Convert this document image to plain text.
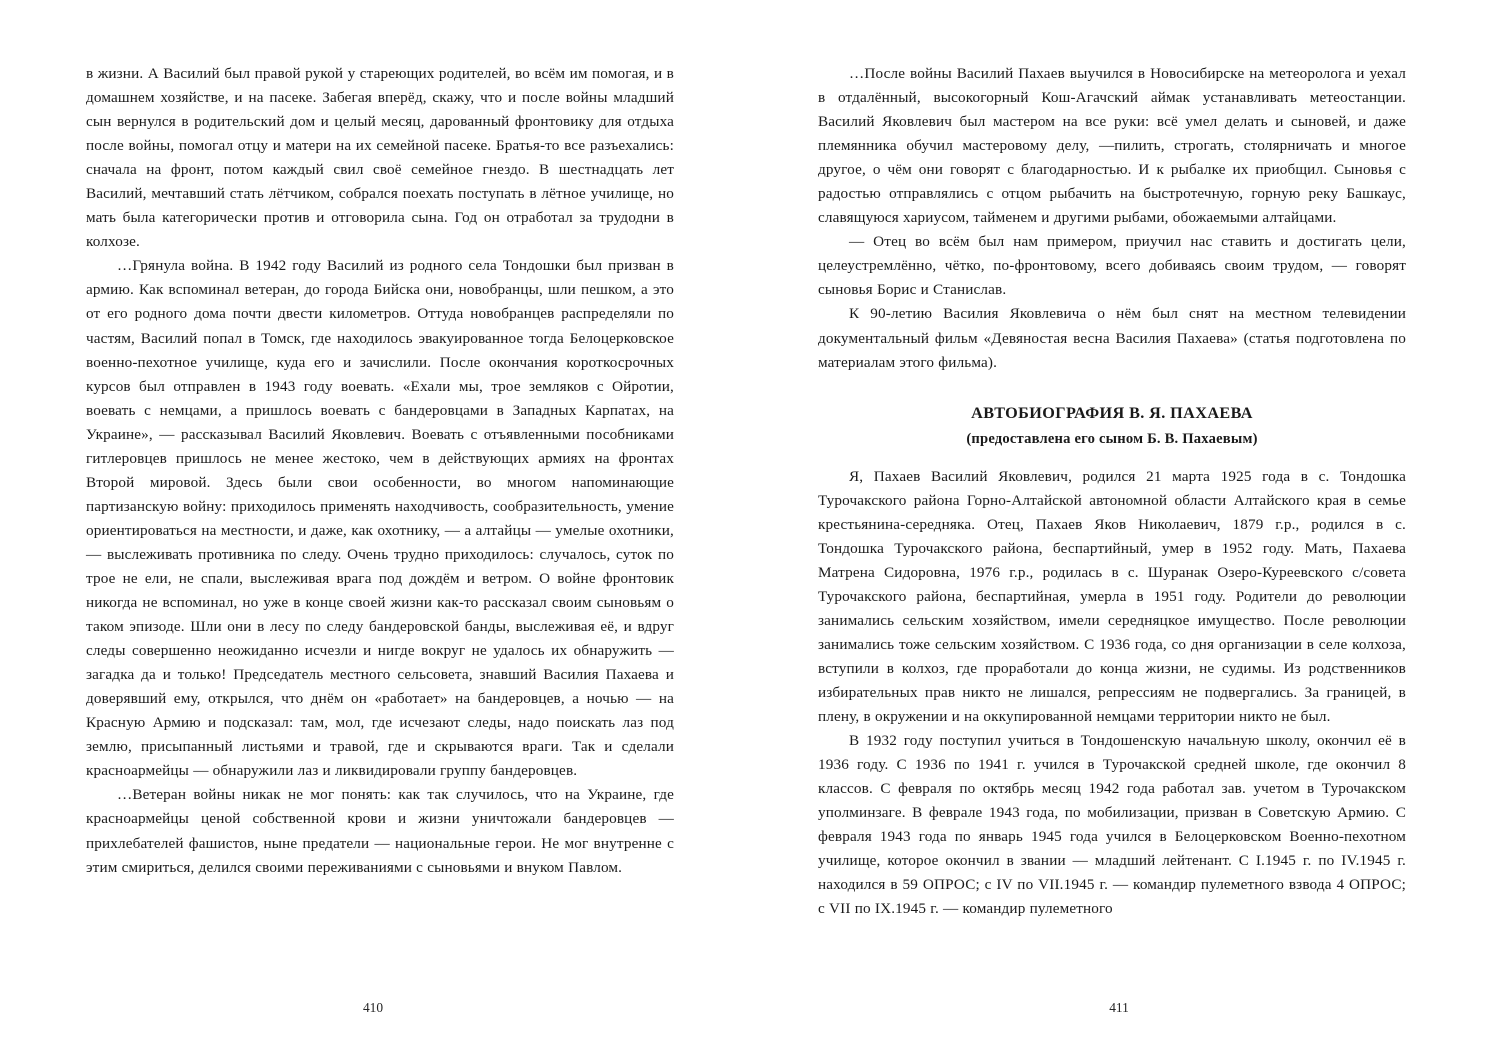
в жизни. А Василий был правой рукой у стареющих родителей, во всём им помогая, и в домашнем хозяйстве, и на пасеке. Забегая вперёд, скажу, что и после войны младший сын вернулся в родительский дом и целый месяц, дарованный фронтовику для отдыха после войны, помогал отцу и матери на их семейной пасеке. Братья-то все разъехались: сначала на фронт, потом каждый свил своё семейное гнездо. В шестнадцать лет Василий, мечтавший стать лётчиком, собрался поехать поступать в лётное училище, но мать была категорически против и отговорила сына. Год он отработал за трудодни в колхозе.

…Грянула война. В 1942 году Василий из родного села Тондошки был призван в армию. Как вспоминал ветеран, до города Бийска они, новобранцы, шли пешком, а это от его родного дома почти двести километров. Оттуда новобранцев распределяли по частям, Василий попал в Томск, где находилось эвакуированное тогда Белоцерковское военно-пехотное училище, куда его и зачислили. После окончания короткосрочных курсов был отправлен в 1943 году воевать. «Ехали мы, трое земляков с Ойротии, воевать с немцами, а пришлось воевать с бандеровцами в Западных Карпатах, на Украине», — рассказывал Василий Яковлевич. Воевать с отъявленными пособниками гитлеровцев пришлось не менее жестоко, чем в действующих армиях на фронтах Второй мировой. Здесь были свои особенности, во многом напоминающие партизанскую войну: приходилось применять находчивость, сообразительность, умение ориентироваться на местности, и даже, как охотнику, — а алтайцы — умелые охотники, — выслеживать противника по следу. Очень трудно приходилось: случалось, суток по трое не ели, не спали, выслеживая врага под дождём и ветром. О войне фронтовик никогда не вспоминал, но уже в конце своей жизни как-то рассказал своим сыновьям о таком эпизоде. Шли они в лесу по следу бандеровской банды, выслеживая её, и вдруг следы совершенно неожиданно исчезли и нигде вокруг не удалось их обнаружить — загадка да и только! Председатель местного сельсовета, знавший Василия Пахаева и доверявший ему, открылся, что днём он «работает» на бандеровцев, а ночью — на Красную Армию и подсказал: там, мол, где исчезают следы, надо поискать лаз под землю, присыпанный листьями и травой, где и скрываются враги. Так и сделали красноармейцы — обнаружили лаз и ликвидировали группу бандеровцев.

…Ветеран войны никак не мог понять: как так случилось, что на Украине, где красноармейцы ценой собственной крови и жизни уничтожали бандеровцев — прихлебателей фашистов, ныне предатели — национальные герои. Не мог внутренне с этим смириться, делился своими переживаниями с сыновьями и внуком Павлом.

410

…После войны Василий Пахаев выучился в Новосибирске на метеоролога и уехал в отдалённый, высокогорный Кош-Агачский аймак устанавливать метеостанции. Василий Яковлевич был мастером на все руки: всё умел делать и сыновей, и даже племянника обучил мастеровому делу, —пилить, строгать, столярничать и многое другое, о чём они говорят с благодарностью. И к рыбалке их приобщил. Сыновья с радостью отправлялись с отцом рыбачить на быстротечную, горную реку Башкаус, славящуюся хариусом, тайменем и другими рыбами, обожаемыми алтайцами.

— Отец во всём был нам примером, приучил нас ставить и достигать цели, целеустремлённо, чётко, по-фронтовому, всего добиваясь своим трудом, — говорят сыновья Борис и Станислав.

К 90-летию Василия Яковлевича о нём был снят на местном телевидении документальный фильм «Девяностая весна Василия Пахаева» (статья подготовлена по материалам этого фильма).

АВТОБИОГРАФИЯ В. Я. ПАХАЕВА
(предоставлена его сыном Б. В. Пахаевым)

Я, Пахаев Василий Яковлевич, родился 21 марта 1925 года в с. Тондошка Турочакского района Горно-Алтайской автономной области Алтайского края в семье крестьянина-середняка. Отец, Пахаев Яков Николаевич, 1879 г.р., родился в с. Тондошка Турочакского района, беспартийный, умер в 1952 году. Мать, Пахаева Матрена Сидоровна, 1976 г.р., родилась в с. Шуранак Озеро-Куреевского с/совета Турочакского района, беспартийная, умерла в 1951 году. Родители до революции занимались сельским хозяйством, имели середняцкое имущество. После революции занимались тоже сельским хозяйством. С 1936 года, со дня организации в селе колхоза, вступили в колхоз, где проработали до конца жизни, не судимы. Из родственников избирательных прав никто не лишался, репрессиям не подвергались. За границей, в плену, в окружении и на оккупированной немцами территории никто не был.

В 1932 году поступил учиться в Тондошенскую начальную школу, окончил её в 1936 году. С 1936 по 1941 г. учился в Турочакской средней школе, где окончил 8 классов. С февраля по октябрь месяц 1942 года работал зав. учетом в Турочакском уполминзаге. В феврале 1943 года, по мобилизации, призван в Советскую Армию. С февраля 1943 года по январь 1945 года учился в Белоцерковском Военно-пехотном училище, которое окончил в звании — младший лейтенант. С I.1945 г. по IV.1945 г. находился в 59 ОПРОС; с IV по VII.1945 г. — командир пулеметного взвода 4 ОПРОС; с VII по IX.1945 г. — командир пулеметного

411
